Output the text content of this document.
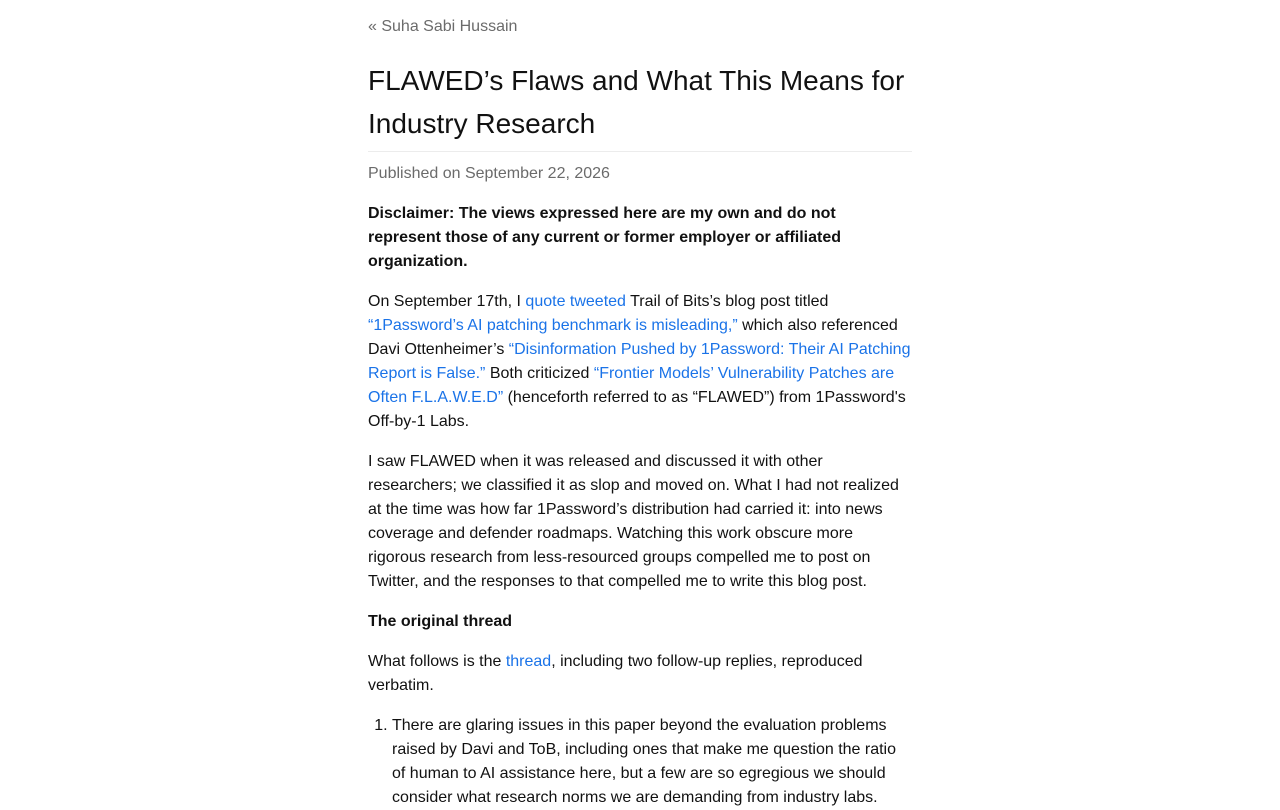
« Suha Sabi Hussain
FLAWED’s Flaws and What This Means for Industry Research
Published on September 22, 2026

Disclaimer: The views expressed here are my own and do not represent those of any current or former employer or affiliated organization.

On September 17th, I quote tweeted Trail of Bits’s blog post titled “1Password’s AI patching benchmark is misleading,” which also referenced Davi Ottenheimer’s “Disinformation Pushed by 1Password: Their AI Patching Report is False.” Both criticized “Frontier Models’ Vulnerability Patches are Often F.L.A.W.E.D” (henceforth referred to as “FLAWED”) from 1Password's Off-by-1 Labs.

I saw FLAWED when it was released and discussed it with other researchers; we classified it as slop and moved on. What I had not realized at the time was how far 1Password’s distribution had carried it: into news coverage and defender roadmaps. Watching this work obscure more rigorous research from less-resourced groups compelled me to post on Twitter, and the responses to that compelled me to write this blog post.

The original thread

What follows is the thread, including two follow-up replies, reproduced verbatim.

1. There are glaring issues in this paper beyond the evaluation problems raised by Davi and ToB, including ones that make me question the ratio of human to AI assistance here, but a few are so egregious we should consider what research norms we are demanding from industry labs.
